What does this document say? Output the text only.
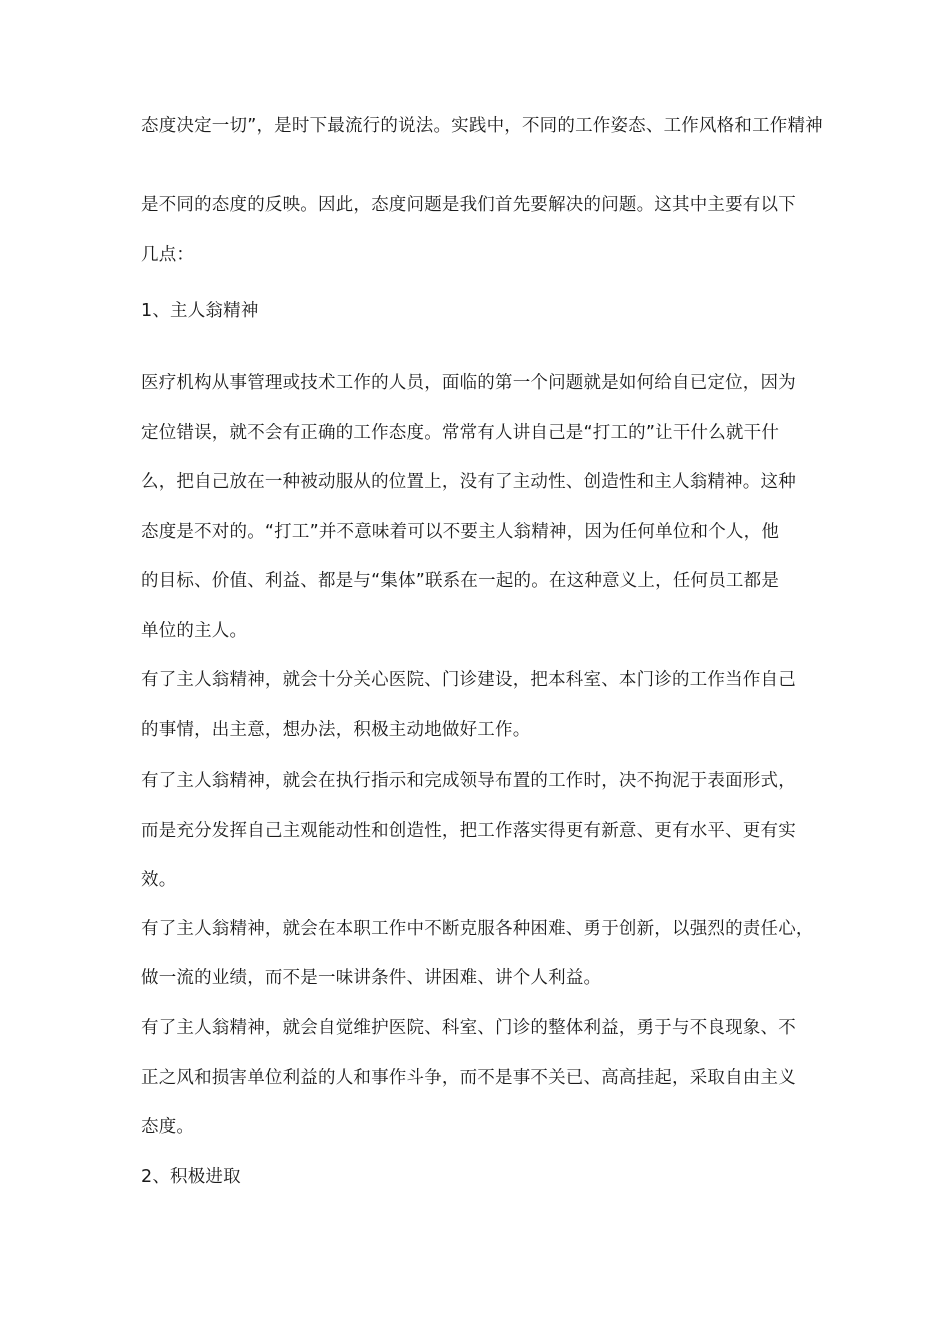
态度决定一切”，是时下最流行的说法。实践中，不同的工作姿态、工作风格和工作精神
是不同的态度的反映。因此，态度问题是我们首先要解决的问题。这其中主要有以下
几点：
1、主人翁精神
医疗机构从事管理或技术工作的人员，面临的第一个问题就是如何给自已定位，因为
定位错误，就不会有正确的工作态度。常常有人讲自己是“打工的”让干什么就干什
么，把自己放在一种被动服从的位置上，没有了主动性、创造性和主人翁精神。这种
态度是不对的。“打工”并不意味着可以不要主人翁精神，因为任何单位和个人，他
的目标、价值、利益、都是与“集体”联系在一起的。在这种意义上，任何员工都是
单位的主人。
有了主人翁精神，就会十分关心医院、门诊建设，把本科室、本门诊的工作当作自己
的事情，出主意，想办法，积极主动地做好工作。
有了主人翁精神，就会在执行指示和完成领导布置的工作时，决不拘泥于表面形式，
而是充分发挥自己主观能动性和创造性，把工作落实得更有新意、更有水平、更有实
效。
有了主人翁精神，就会在本职工作中不断克服各种困难、勇于创新，以强烈的责任心，
做一流的业绩，而不是一味讲条件、讲困难、讲个人利益。
有了主人翁精神，就会自觉维护医院、科室、门诊的整体利益，勇于与不良现象、不
正之风和损害单位利益的人和事作斗争，而不是事不关已、高高挂起，采取自由主义
态度。
2、积极进取
